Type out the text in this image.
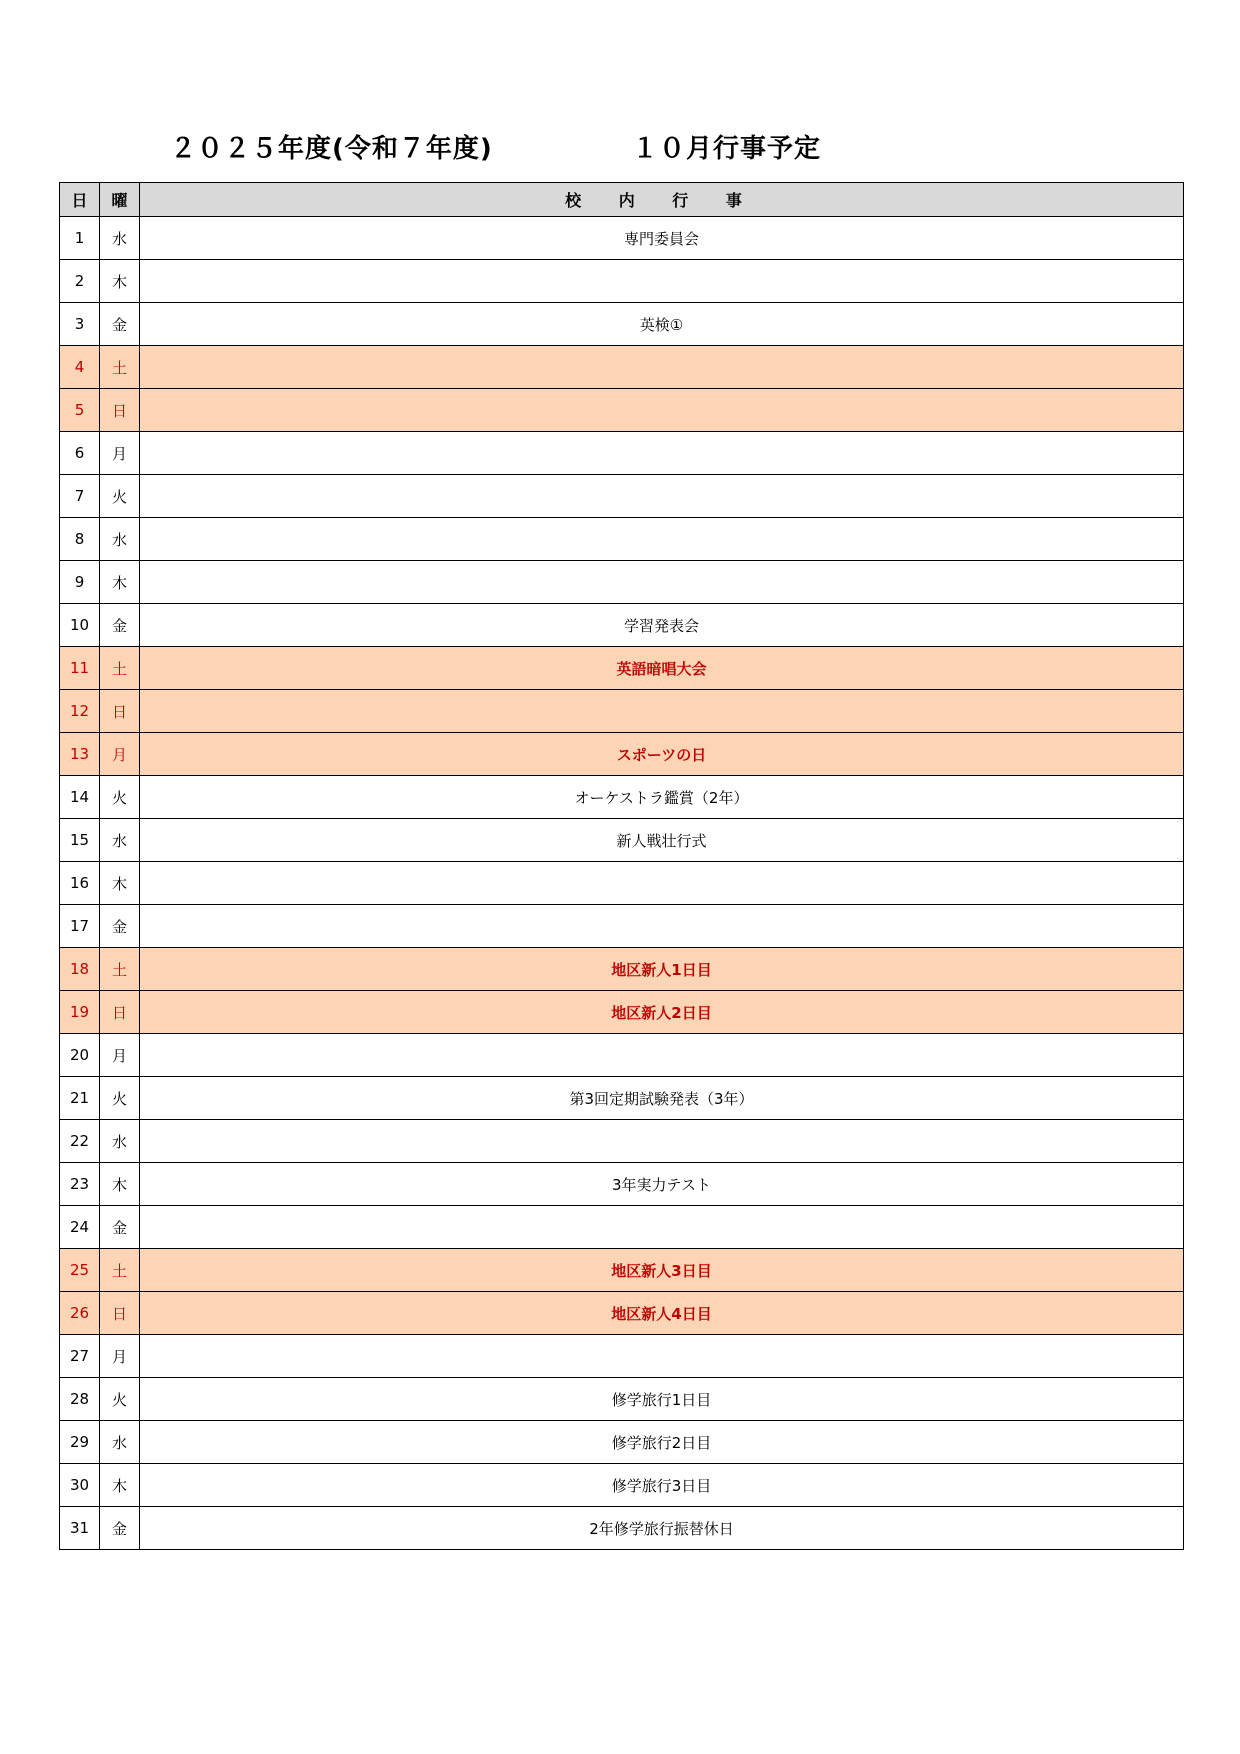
２０２５年度(令和７年度)	１０月行事予定
日	曜	校 内 行 事
1	水	専門委員会
2	木	
3	金	英検①
4	土	
5	日	
6	月	
7	火	
8	水	
9	木	
10	金	学習発表会
11	土	英語暗唱大会
12	日	
13	月	スポーツの日
14	火	オーケストラ鑑賞（2年）
15	水	新人戦壮行式
16	木	
17	金	
18	土	地区新人1日目
19	日	地区新人2日目
20	月	
21	火	第3回定期試験発表（3年）
22	水	
23	木	3年実力テスト
24	金	
25	土	地区新人3日目
26	日	地区新人4日目
27	月	
28	火	修学旅行1日目
29	水	修学旅行2日目
30	木	修学旅行3日目
31	金	2年修学旅行振替休日
